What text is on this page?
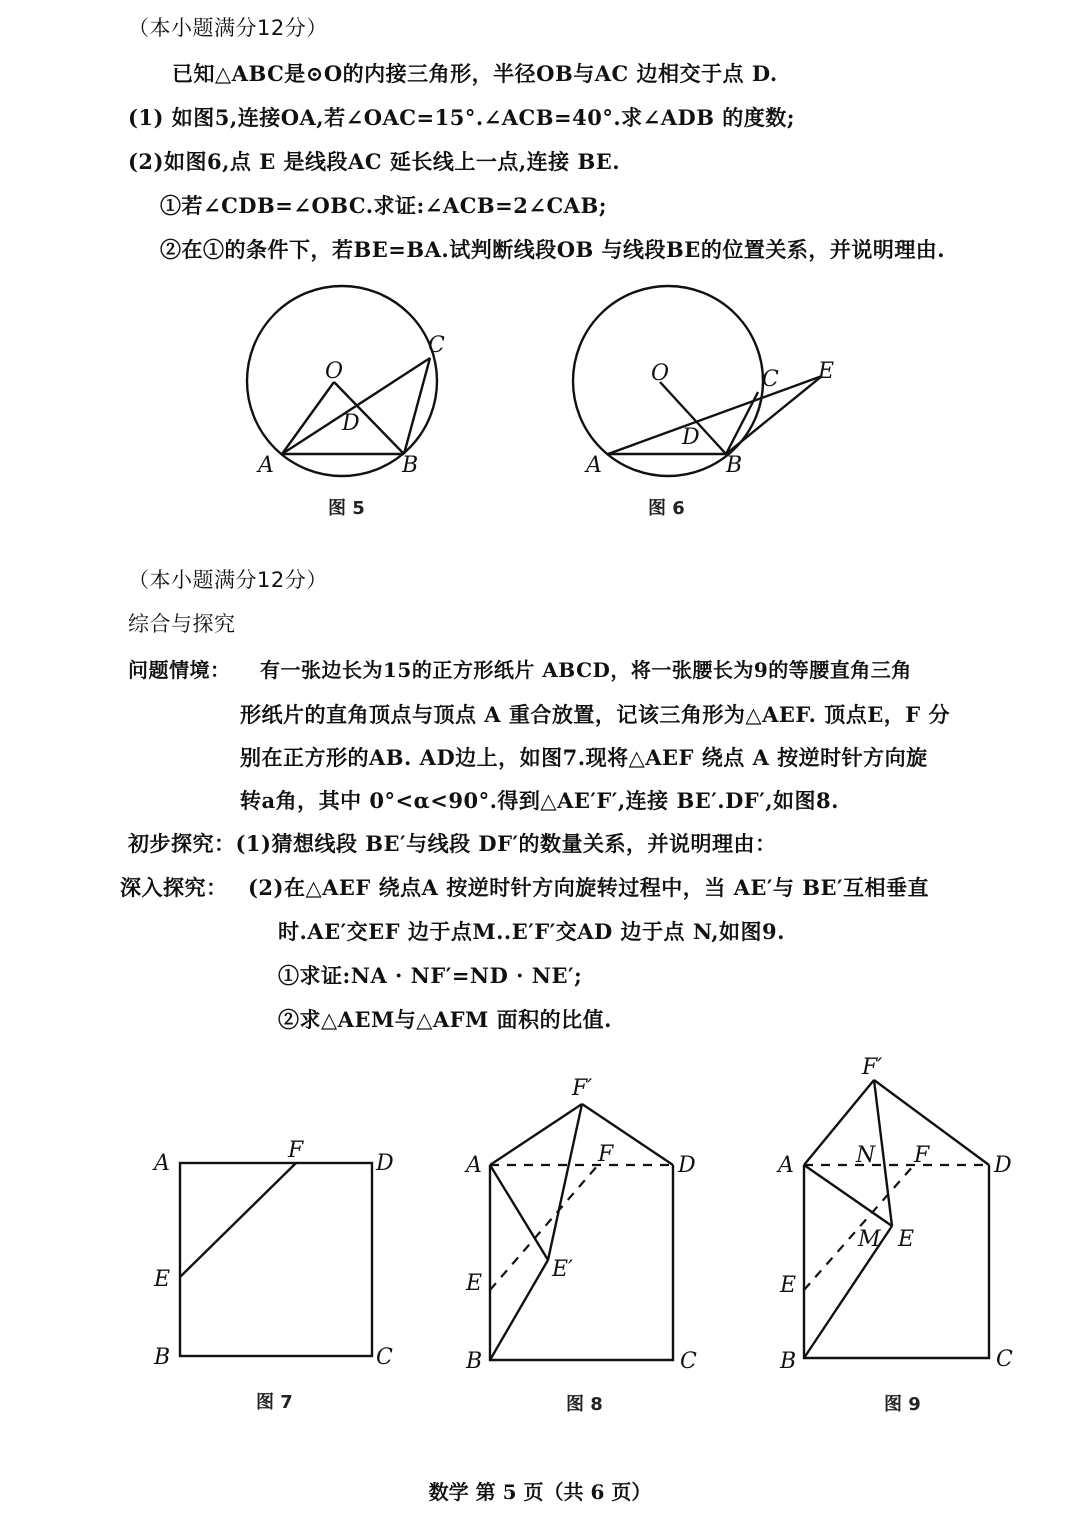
（本小题满分12分）
已知△ABC是⊙O的内接三角形，半径OB与AC 边相交于点 D.
(1) 如图5,连接OA,若∠OAC=15°.∠ACB=40°.求∠ADB 的度数;
(2)如图6,点 E 是线段AC 延长线上一点,连接 BE.
①若∠CDB=∠OBC.求证:∠ACB=2∠CAB;
②在①的条件下，若BE=BA.试判断线段OB 与线段BE的位置关系，并说明理由.
O
D
A	B
C
图 5
O
D
A	B
C E
图 6
（本小题满分12分）
综合与探究
问题情境： 有一张边长为15的正方形纸片 ABCD，将一张腰长为9的等腰直角三角
形纸片的直角顶点与顶点 A 重合放置，记该三角形为△AEF. 顶点E，F 分
别在正方形的AB. AD边上，如图7.现将△AEF 绕点 A 按逆时针方向旋
转a角，其中 0°<α<90°.得到△AE′F′,连接 BE′.DF′,如图8.
初步探究：(1)猜想线段 BE′与线段 DF′的数量关系，并说明理由：
深入探究： (2)在△AEF 绕点A 按逆时针方向旋转过程中，当 AE′与 BE′互相垂直
时.AE′交EF 边于点M..E′F′交AD 边于点 N,如图9.
①求证:NA · NF′=ND · NE′;
②求△AEM与△AFM 面积的比值.
A
F
D
E
B	C
图 7
F′
A	F	D
E′
E
B	C
图 8
F′
A	N F	D
M E
E
B	C
图 9
数学 第 5 页（共 6 页）
